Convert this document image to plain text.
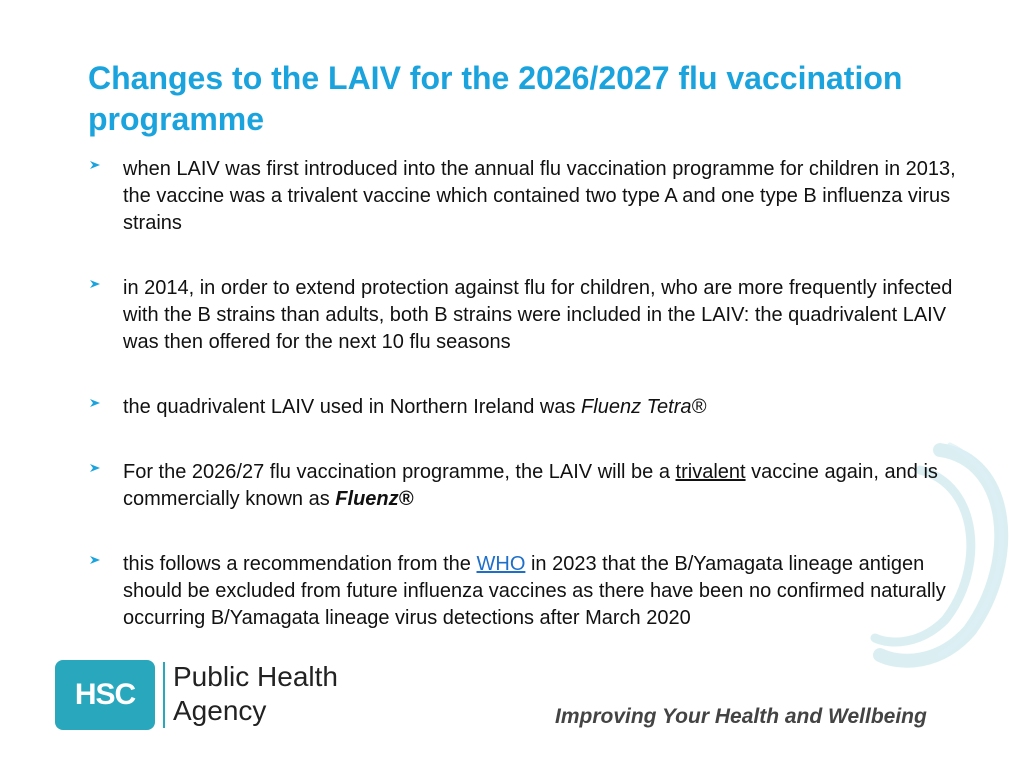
Changes to the LAIV for the 2026/2027 flu vaccination programme
when LAIV was first introduced into the annual flu vaccination programme for children in 2013, the vaccine was a trivalent vaccine which contained two type A and one type B influenza virus strains
in 2014, in order to extend protection against flu for children, who are more frequently infected with the B strains than adults, both B strains were included in the LAIV: the quadrivalent LAIV was then offered for the next 10 flu seasons
the quadrivalent LAIV used in Northern Ireland was Fluenz Tetra®
For the 2026/27 flu vaccination programme, the LAIV will be a trivalent vaccine again, and is commercially known as Fluenz®
this follows a recommendation from the WHO in 2023 that the B/Yamagata lineage antigen should be excluded from future influenza vaccines as there have been no confirmed naturally occurring B/Yamagata lineage virus detections after March 2020
HSC
Public Health
Agency	Improving Your Health and Wellbeing
